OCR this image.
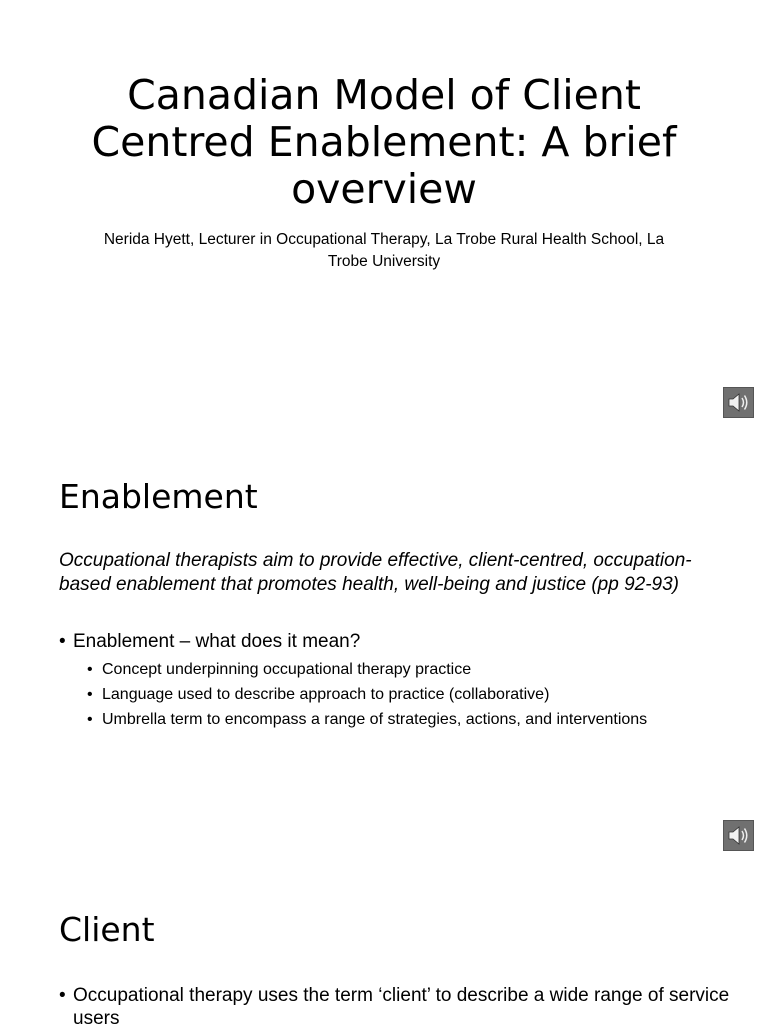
Canadian Model of Client Centred Enablement: A brief overview

Nerida Hyett, Lecturer in Occupational Therapy, La Trobe Rural Health School, La Trobe University

Enablement

Occupational therapists aim to provide effective, client-centred, occupation-based enablement that promotes health, well-being and justice (pp 92-93)

• Enablement – what does it mean?
• Concept underpinning occupational therapy practice
• Language used to describe approach to practice (collaborative)
• Umbrella term to encompass a range of strategies, actions, and interventions
Client
• Occupational therapy uses the term ‘client’ to describe a wide range of service users
